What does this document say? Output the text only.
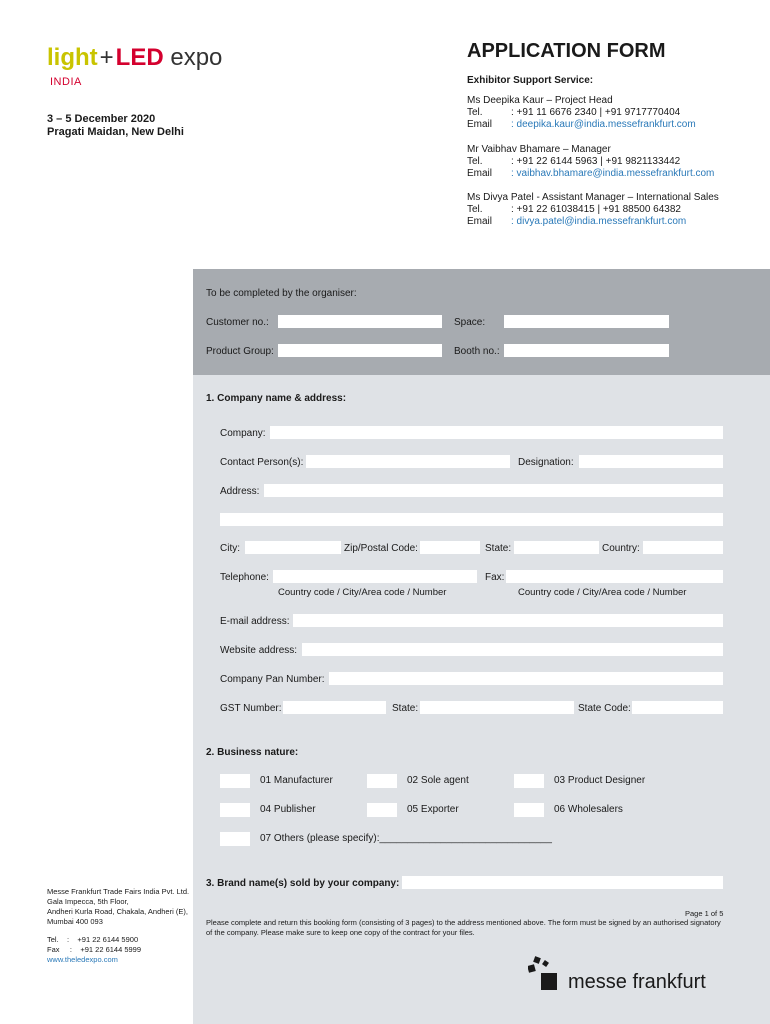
light+LED expo
INDIA
3 – 5 December 2020
Pragati Maidan, New Delhi
APPLICATION FORM
Exhibitor Support Service:
Ms Deepika Kaur – Project Head
Tel.	: +91 11 6676 2340 | +91 9717770404
Email	: deepika.kaur@india.messefrankfurt.com
Mr Vaibhav Bhamare – Manager
Tel.	: +91 22 6144 5963 | +91 9821133442
Email	: vaibhav.bhamare@india.messefrankfurt.com
Ms Divya Patel - Assistant Manager – International Sales
Tel.	: +91 22 61038415 | +91 88500 64382
Email	: divya.patel@india.messefrankfurt.com
To be completed by the organiser:
Customer no.:	Space:
Product Group:	Booth no.:
1. Company name & address:
Company:
Contact Person(s):	Designation:
Address:
City:	Zip/Postal Code:	State:	Country:
Telephone:	Fax:
Country code / City/Area code / Number	Country code / City/Area code / Number
E-mail address:
Website address:
Company Pan Number:
GST Number:	State:	State Code:
2. Business nature:
01 Manufacturer	02 Sole agent	03 Product Designer
04 Publisher	05 Exporter	06 Wholesalers
07 Others (please specify):_______________________________
3. Brand name(s) sold by your company:
Page 1 of 5
Please complete and return this booking form (consisting of 3 pages) to the address mentioned above. The form must be signed by an authorised signatory of the company. Please make sure to keep one copy of the contract for your files.
Messe Frankfurt Trade Fairs India Pvt. Ltd.
Gala Impecca, 5th Floor,
Andheri Kurla Road, Chakala, Andheri (E),
Mumbai 400 093
Tel.    :    +91 22 6144 5900
Fax     :    +91 22 6144 5999
www.theledexpo.com
messe frankfurt
